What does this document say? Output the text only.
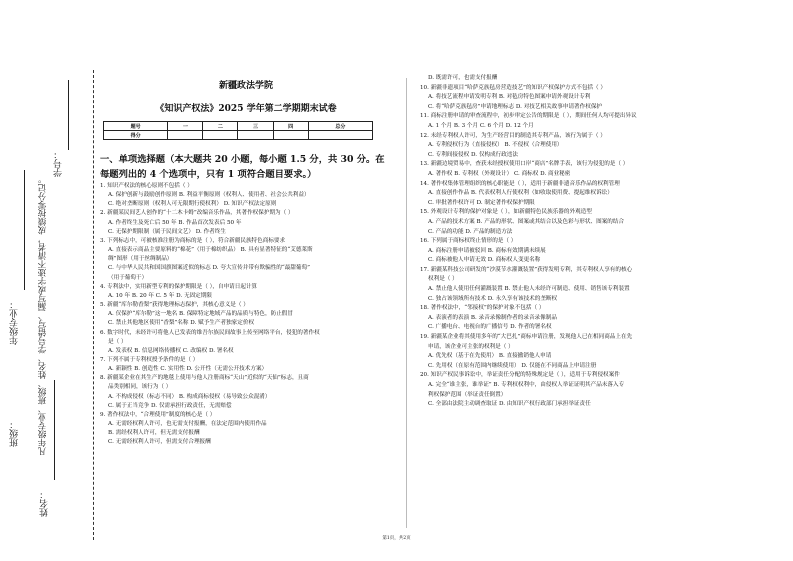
年级专业：
班级：
学号：
凡年级专业、班级、姓名、学号错写、漏写或字迹不清者，成绩按零分记。
姓名：
新疆政法学院
《知识产权法》2025 学年第二学期期末试卷
题号	一	二	三	四	总分
得分					
一、单项选择题（本大题共 20 小题，每小题 1.5 分，共 30 分。在
每题列出的 4 个选项中，只有 1 项符合题目要求。）
1. 知识产权法的核心原则不包括（ ）
A. 保护创新与鼓励创作原则 B. 利益平衡原则（权利人、使用者、社会公共利益）
C. 绝对垄断原则（权利人可无限期行使权利） D. 知识产权法定原则
2. 新疆某民间艺人创作的“十二木卡姆”改编音乐作品，其著作权保护期为（ ）
A. 作者终生及死亡后 50 年 B. 作品首次发表后 50 年
C. 无保护期限制（属于民间文艺） D. 作者终生
3. 下列标志中，可被核准注册为商标的是（ ），符合新疆民族特色商标要求
A. 直接表示商品主要原料的“棉花”（用于棉纺织品） B. 具有显著特征的“艾德莱斯
绸”图形（用于丝绸制品）
C. 与中华人民共和国国旗图案近似的标志 D. 夸大宣传并带有欺骗性的“最甜葡萄”
（用于葡萄干）
4. 专利法中，实用新型专利的保护期限是（ ），自申请日起计算
A. 10 年 B. 20 年 C. 5 年 D. 无固定期限
5. 新疆“库尔勒香梨”获得地理标志保护，其核心意义是（ ）
A. 仅保护“库尔勒”这一地名 B. 保障特定地域产品的品质与特色，防止假冒
C. 禁止其他地区使用“香梨”名称 D. 赋予生产者独家定价权
6. 数字时代，未经许可将他人已发表的维吾尔族民间故事上传至网络平台，侵犯的著作权
是（ ）
A. 发表权 B. 信息网络传播权 C. 改编权 D. 署名权
7. 下列不属于专利权授予条件的是（ ）
A. 新颖性 B. 创造性 C. 实用性 D. 公开性（无需公开技术方案）
8. 新疆某企业在其生产的地毯上使用与他人注册商标“天山”近似的“天仙”标志，且商
品类别相同，该行为（ ）
A. 不构成侵权（标志不同） B. 构成商标侵权（易导致公众混淆）
C. 属于正当竞争 D. 仅需承担行政责任，无需赔偿
9. 著作权法中，“合理使用”制度的核心是（ ）
A. 无需经权利人许可，也无需支付报酬，在法定范围内使用作品
B. 需经权利人许可，但无需支付报酬
C. 无需经权利人许可，但需支付合理报酬
D. 既需许可，也需支付报酬
10. 新疆非遗项目“哈萨克族毡房营造技艺”的知识产权保护方式不包括（ ）
A. 将技艺流程申请发明专利 B. 对毡房特色图案申请外观设计专利
C. 将“哈萨克族毡房”申请地理标志 D. 对技艺相关故事申请著作权保护
11. 商标注册申请的审查流程中，初步审定公告的期限是（ ），期间任何人均可提出异议
A. 1 个月 B. 3 个月 C. 6 个月 D. 12 个月
12. 未经专利权人许可，为生产经营目的制造其专利产品，该行为属于（ ）
A. 专利侵权行为（直接侵权） B. 不侵权（合理使用）
C. 专利间接侵权 D. 仅构成行政违法
13. 新疆边境贸易中，查获未经授权使用口岸“商店”名牌手表，该行为侵犯的是（ ）
A. 著作权 B. 专利权（外观设计） C. 商标权 D. 商业秘密
14. 著作权集体管理组织的核心职能是（ ），适用于新疆非遗音乐作品的权利管理
A. 直接创作作品 B. 代表权利人行使权利（如收取使用费、提起维权诉讼）
C. 审批著作权许可 D. 制定著作权保护期限
15. 外观设计专利的保护对象是（ ），如新疆特色民族乐器的外观造型
A. 产品的技术方案 B. 产品的形状、图案或其结合以及色彩与形状、图案的结合
C. 产品的功能 D. 产品的制造方法
16. 下列属于商标权终止情形的是（ ）
A. 商标注册申请被驳回 B. 商标有效期满未续展
C. 商标被他人申请无效 D. 商标权人变更名称
17. 新疆某科技公司研发的“沙漠节水灌溉装置”获得发明专利，其专利权人享有的核心
权利是（ ）
A. 禁止他人使用任何灌溉装置 B. 禁止他人未经许可制造、使用、销售该专利装置
C. 独占该领域所有技术 D. 永久享有该技术的垄断权
18. 著作权法中，“邻接权”的保护对象不包括（ ）
A. 表演者的表演 B. 录音录像制作者的录音录像制品
C. 广播电台、电视台的广播信号 D. 作者的署名权
19. 新疆某企业将其使用多年的“大巴扎”商标申请注册，发现他人已在相同商品上在先
申请，该企业可主张的权利是（ ）
A. 优先权（基于在先使用） B. 直接撤销他人申请
C. 先用权（在原有范围内继续使用） D. 仅能在不同商品上申请注册
20. 知识产权民事诉讼中，举证责任分配的特殊规定是（ ），适用于专利侵权案件
A. 完全“谁主张，谁举证” B. 专利权权利中，由侵权人举证证明其产品未落入专
利权保护范围（举证责任倒置）
C. 全部由法院主动调查取证 D. 由知识产权行政部门承担举证责任
第1页，共2页
